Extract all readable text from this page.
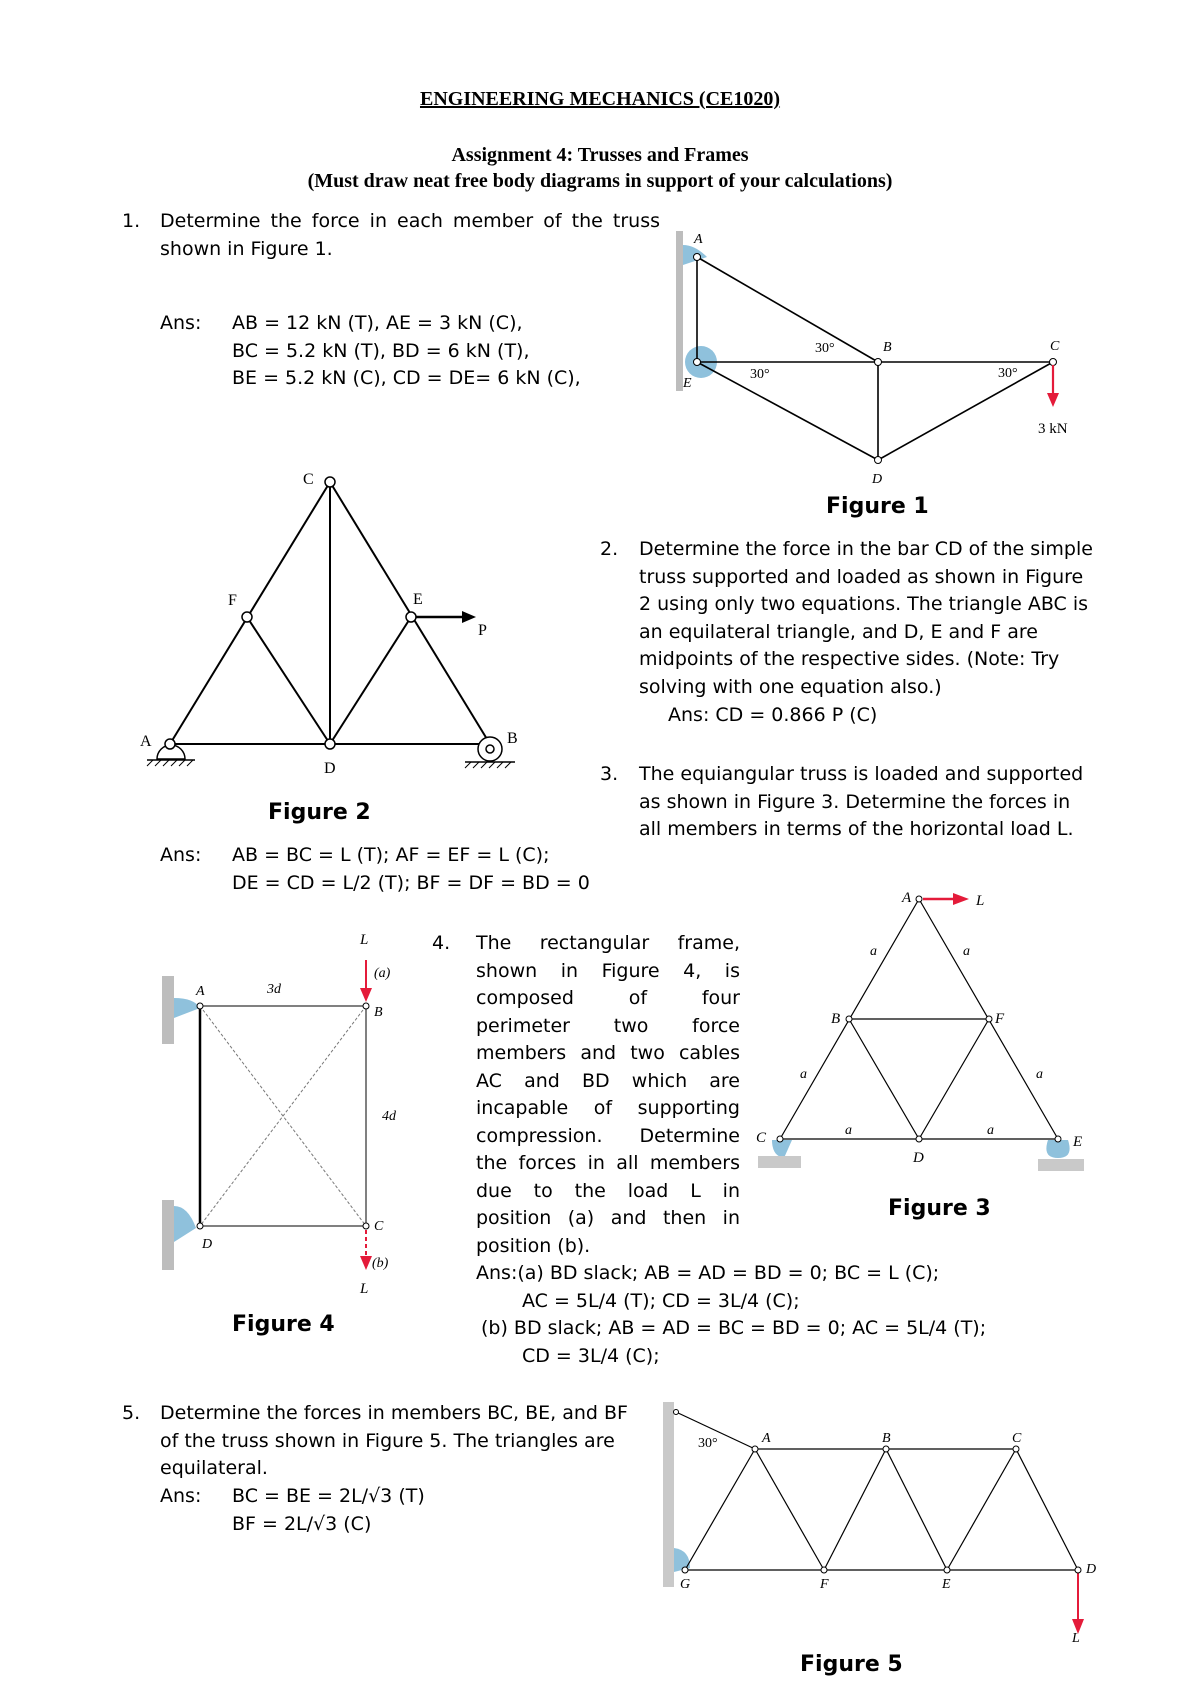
ENGINEERING MECHANICS (CE1020)
Assignment 4: Trusses and Frames
(Must draw neat free body diagrams in support of your calculations)
1. Determine the force in each member of the truss shown in Figure 1.
Ans: AB = 12 kN (T), AE = 3 kN (C),
BC = 5.2 kN (T), BD = 6 kN (T),
BE = 5.2 kN (C), CD = DE= 6 kN (C),
A
E
B	C
D
30°
30°	30°
3 kN
Figure 1
C
F	E
P
A	B
D
Figure 2
2. Determine the force in the bar CD of the simple
truss supported and loaded as shown in Figure
2 using only two equations. The triangle ABC is
an equilateral triangle, and D, E and F are
midpoints of the respective sides. (Note: Try
solving with one equation also.)
Ans: CD = 0.866 P (C)
3. The equiangular truss is loaded and supported
as shown in Figure 3. Determine the forces in
all members in terms of the horizontal load L.
Ans: AB = BC = L (T); AF = EF = L (C);
DE = CD = L/2 (T); BF = DF = BD = 0
A	L
B	F
C
D
E
a	a
a	a
a	a
Figure 3
L
(a)
A
B
3d
4d
C
D
(b)
L
Figure 4
4. The rectangular frame,
shown in Figure 4, is
composed of four
perimeter two force
members and two cables
AC and BD which are
incapable of supporting
compression. Determine
the forces in all members
due to the load L in
position (a) and then in
position (b).
Ans:(a) BD slack; AB = AD = BD = 0; BC = L (C);
AC = 5L/4 (T); CD = 3L/4 (C);
(b) BD slack; AB = AD = BC = BD = 0; AC = 5L/4 (T);
CD = 3L/4 (C);
5. Determine the forces in members BC, BE, and BF
of the truss shown in Figure 5. The triangles are
equilateral.
Ans: BC = BE = 2L/√3 (T)
BF = 2L/√3 (C)
30°	A	B	C
D
E
F
G
L
Figure 5
